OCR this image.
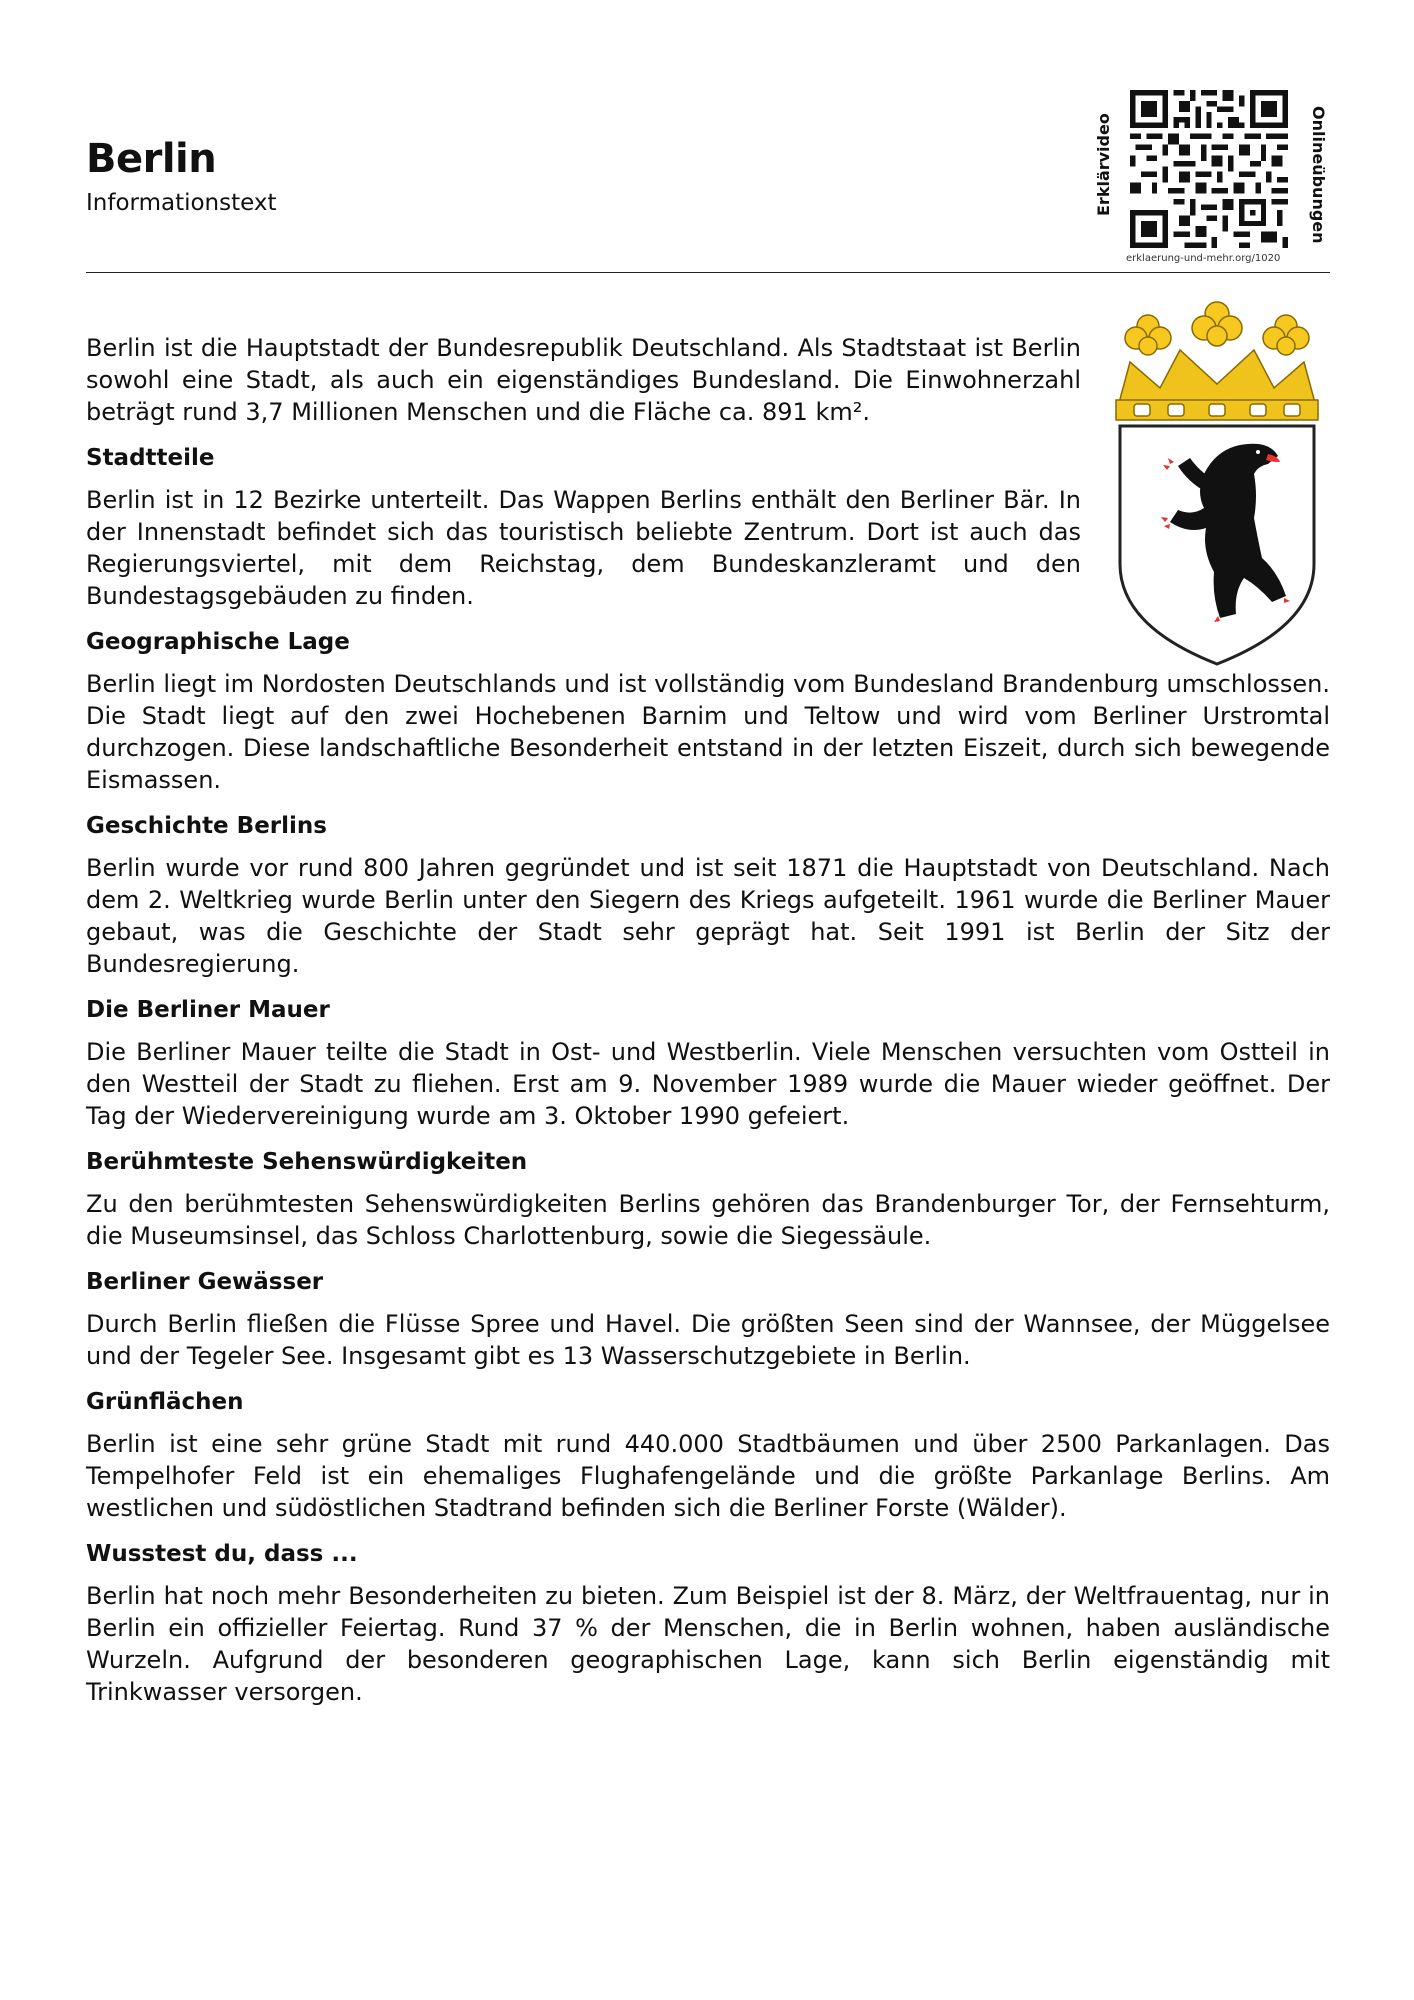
Berlin
Informationstext	Erklärvideo	Onlineübungen
erklaerung-und-mehr.org/1020

Berlin ist die Hauptstadt der Bundesrepublik Deutschland. Als Stadtstaat ist Berlin sowohl eine Stadt, als auch ein eigenständiges Bundesland. Die Einwohnerzahl beträgt rund 3,7 Millionen Menschen und die Fläche ca. 891 km².

Stadtteile

Berlin ist in 12 Bezirke unterteilt. Das Wappen Berlins enthält den Berliner Bär. In der Innenstadt befindet sich das touristisch beliebte Zentrum. Dort ist auch das Regierungsviertel, mit dem Reichstag, dem Bundeskanzleramt und den Bundestagsgebäuden zu finden.

Geographische Lage

Berlin liegt im Nordosten Deutschlands und ist vollständig vom Bundesland Brandenburg umschlossen. Die Stadt liegt auf den zwei Hochebenen Barnim und Teltow und wird vom Berliner Urstromtal durchzogen. Diese landschaftliche Besonderheit entstand in der letzten Eiszeit, durch sich bewegende Eismassen.

Geschichte Berlins

Berlin wurde vor rund 800 Jahren gegründet und ist seit 1871 die Hauptstadt von Deutschland. Nach dem 2. Weltkrieg wurde Berlin unter den Siegern des Kriegs aufgeteilt. 1961 wurde die Berliner Mauer gebaut, was die Geschichte der Stadt sehr geprägt hat. Seit 1991 ist Berlin der Sitz der Bundesregierung.

Die Berliner Mauer

Die Berliner Mauer teilte die Stadt in Ost- und Westberlin. Viele Menschen versuchten vom Ostteil in den Westteil der Stadt zu fliehen. Erst am 9. November 1989 wurde die Mauer wieder geöffnet. Der Tag der Wiedervereinigung wurde am 3. Oktober 1990 gefeiert.

Berühmteste Sehenswürdigkeiten

Zu den berühmtesten Sehenswürdigkeiten Berlins gehören das Brandenburger Tor, der Fernsehturm, die Museumsinsel, das Schloss Charlottenburg, sowie die Siegessäule.

Berliner Gewässer

Durch Berlin fließen die Flüsse Spree und Havel. Die größten Seen sind der Wannsee, der Müggelsee und der Tegeler See. Insgesamt gibt es 13 Wasserschutzgebiete in Berlin.

Grünflächen

Berlin ist eine sehr grüne Stadt mit rund 440.000 Stadtbäumen und über 2500 Parkanlagen. Das Tempelhofer Feld ist ein ehemaliges Flughafengelände und die größte Parkanlage Berlins. Am westlichen und südöstlichen Stadtrand befinden sich die Berliner Forste (Wälder).

Wusstest du, dass ...

Berlin hat noch mehr Besonderheiten zu bieten. Zum Beispiel ist der 8. März, der Weltfrauentag, nur in Berlin ein offizieller Feiertag. Rund 37 % der Menschen, die in Berlin wohnen, haben ausländische Wurzeln. Aufgrund der besonderen geographischen Lage, kann sich Berlin eigenständig mit Trinkwasser versorgen.
